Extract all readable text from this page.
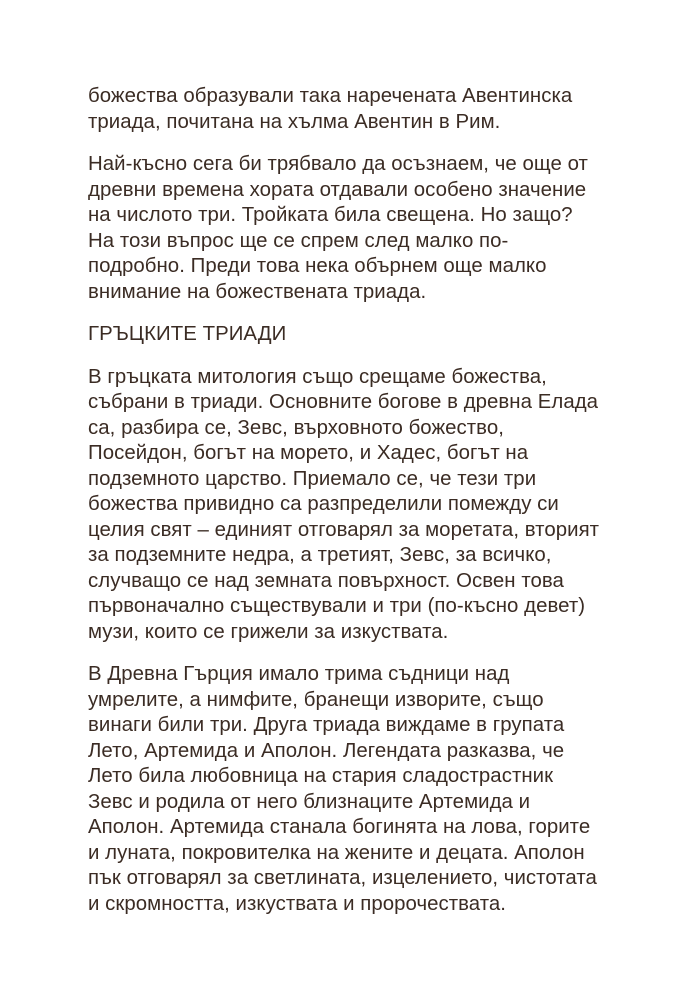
божества образували така наречената Авентинска
триада, почитана на хълма Авентин в Рим.

Най-късно сега би трябвало да осъзнаем, че още от
древни времена хората отдавали особено значение
на числото три. Тройката била свещена. Но защо?
На този въпрос ще се спрем след малко по-
подробно. Преди това нека обърнем още малко
внимание на божествената триада.

ГРЪЦКИТЕ ТРИАДИ

В гръцката митология също срещаме божества,
събрани в триади. Основните богове в древна Елада
са, разбира се, Зевс, върховното божество,
Посейдон, богът на морето, и Хадес, богът на
подземното царство. Приемало се, че тези три
божества привидно са разпределили помежду си
целия свят – единият отговарял за моретата, вторият
за подземните недра, а третият, Зевс, за всичко,
случващо се над земната повърхност. Освен това
първоначално съществували и три (по-късно девет)
музи, които се грижели за изкуствата.

В Древна Гърция имало трима съдници над
умрелите, а нимфите, бранещи изворите, също
винаги били три. Друга триада виждаме в групата
Лето, Артемида и Аполон. Легендата разказва, че
Лето била любовница на стария сладострастник
Зевс и родила от него близнаците Артемида и
Аполон. Артемида станала богинята на лова, горите
и луната, покровителка на жените и децата. Аполон
пък отговарял за светлината, изцелението, чистотата
и скромността, изкуствата и пророчествата.
